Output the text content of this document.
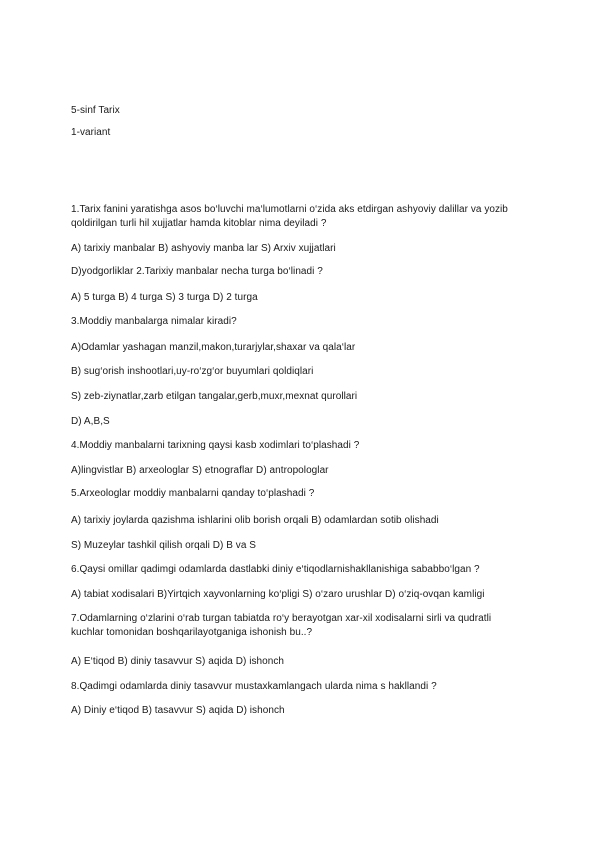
5-sinf Tarix
1-variant
1.Tarix fanini yaratishga asos bo‘luvchi ma‘lumotlarni o‘zida aks etdirgan ashyoviy dalillar va yozib qoldirilgan turli hil xujjatlar hamda kitoblar nima deyiladi ?
A) tarixiy manbalar B) ashyoviy manba lar S) Arxiv xujjatlari
D)yodgorliklar 2.Tarixiy manbalar necha turga bo‘linadi ?
A) 5 turga B) 4 turga S) 3 turga D) 2 turga
3.Moddiy manbalarga nimalar kiradi?
A)Odamlar yashagan manzil,makon,turarjylar,shaxar va qala‘lar
B) sug‘orish inshootlari,uy-ro‘zg‘or buyumlari qoldiqlari
S) zeb-ziynatlar,zarb etilgan tangalar,gerb,muxr,mexnat qurollari
D) A,B,S
4.Moddiy manbalarni tarixning qaysi kasb xodimlari to‘plashadi ?
A)lingvistlar B) arxeologlar S) etnograflar D) antropologlar
5.Arxeologlar moddiy manbalarni qanday to‘plashadi ?
A) tarixiy joylarda qazishma ishlarini olib borish orqali B) odamlardan sotib olishadi
S) Muzeylar tashkil qilish orqali D) B va S
6.Qaysi omillar qadimgi odamlarda dastlabki diniy e‘tiqodlarnishakllanishiga sababbo‘lgan ?
A) tabiat xodisalari B)Yirtqich xayvonlarning ko‘pligi S) o‘zaro urushlar D) o‘ziq-ovqan kamligi
7.Odamlarning o‘zlarini o‘rab turgan tabiatda ro‘y berayotgan xar-xil xodisalarni sirli va qudratli kuchlar tomonidan boshqarilayotganiga ishonish bu..?
A) E‘tiqod B) diniy tasavvur S) aqida D) ishonch
8.Qadimgi odamlarda diniy tasavvur mustaxkamlangach ularda nima s hakllandi ?
A) Diniy e‘tiqod B) tasavvur S) aqida D) ishonch
